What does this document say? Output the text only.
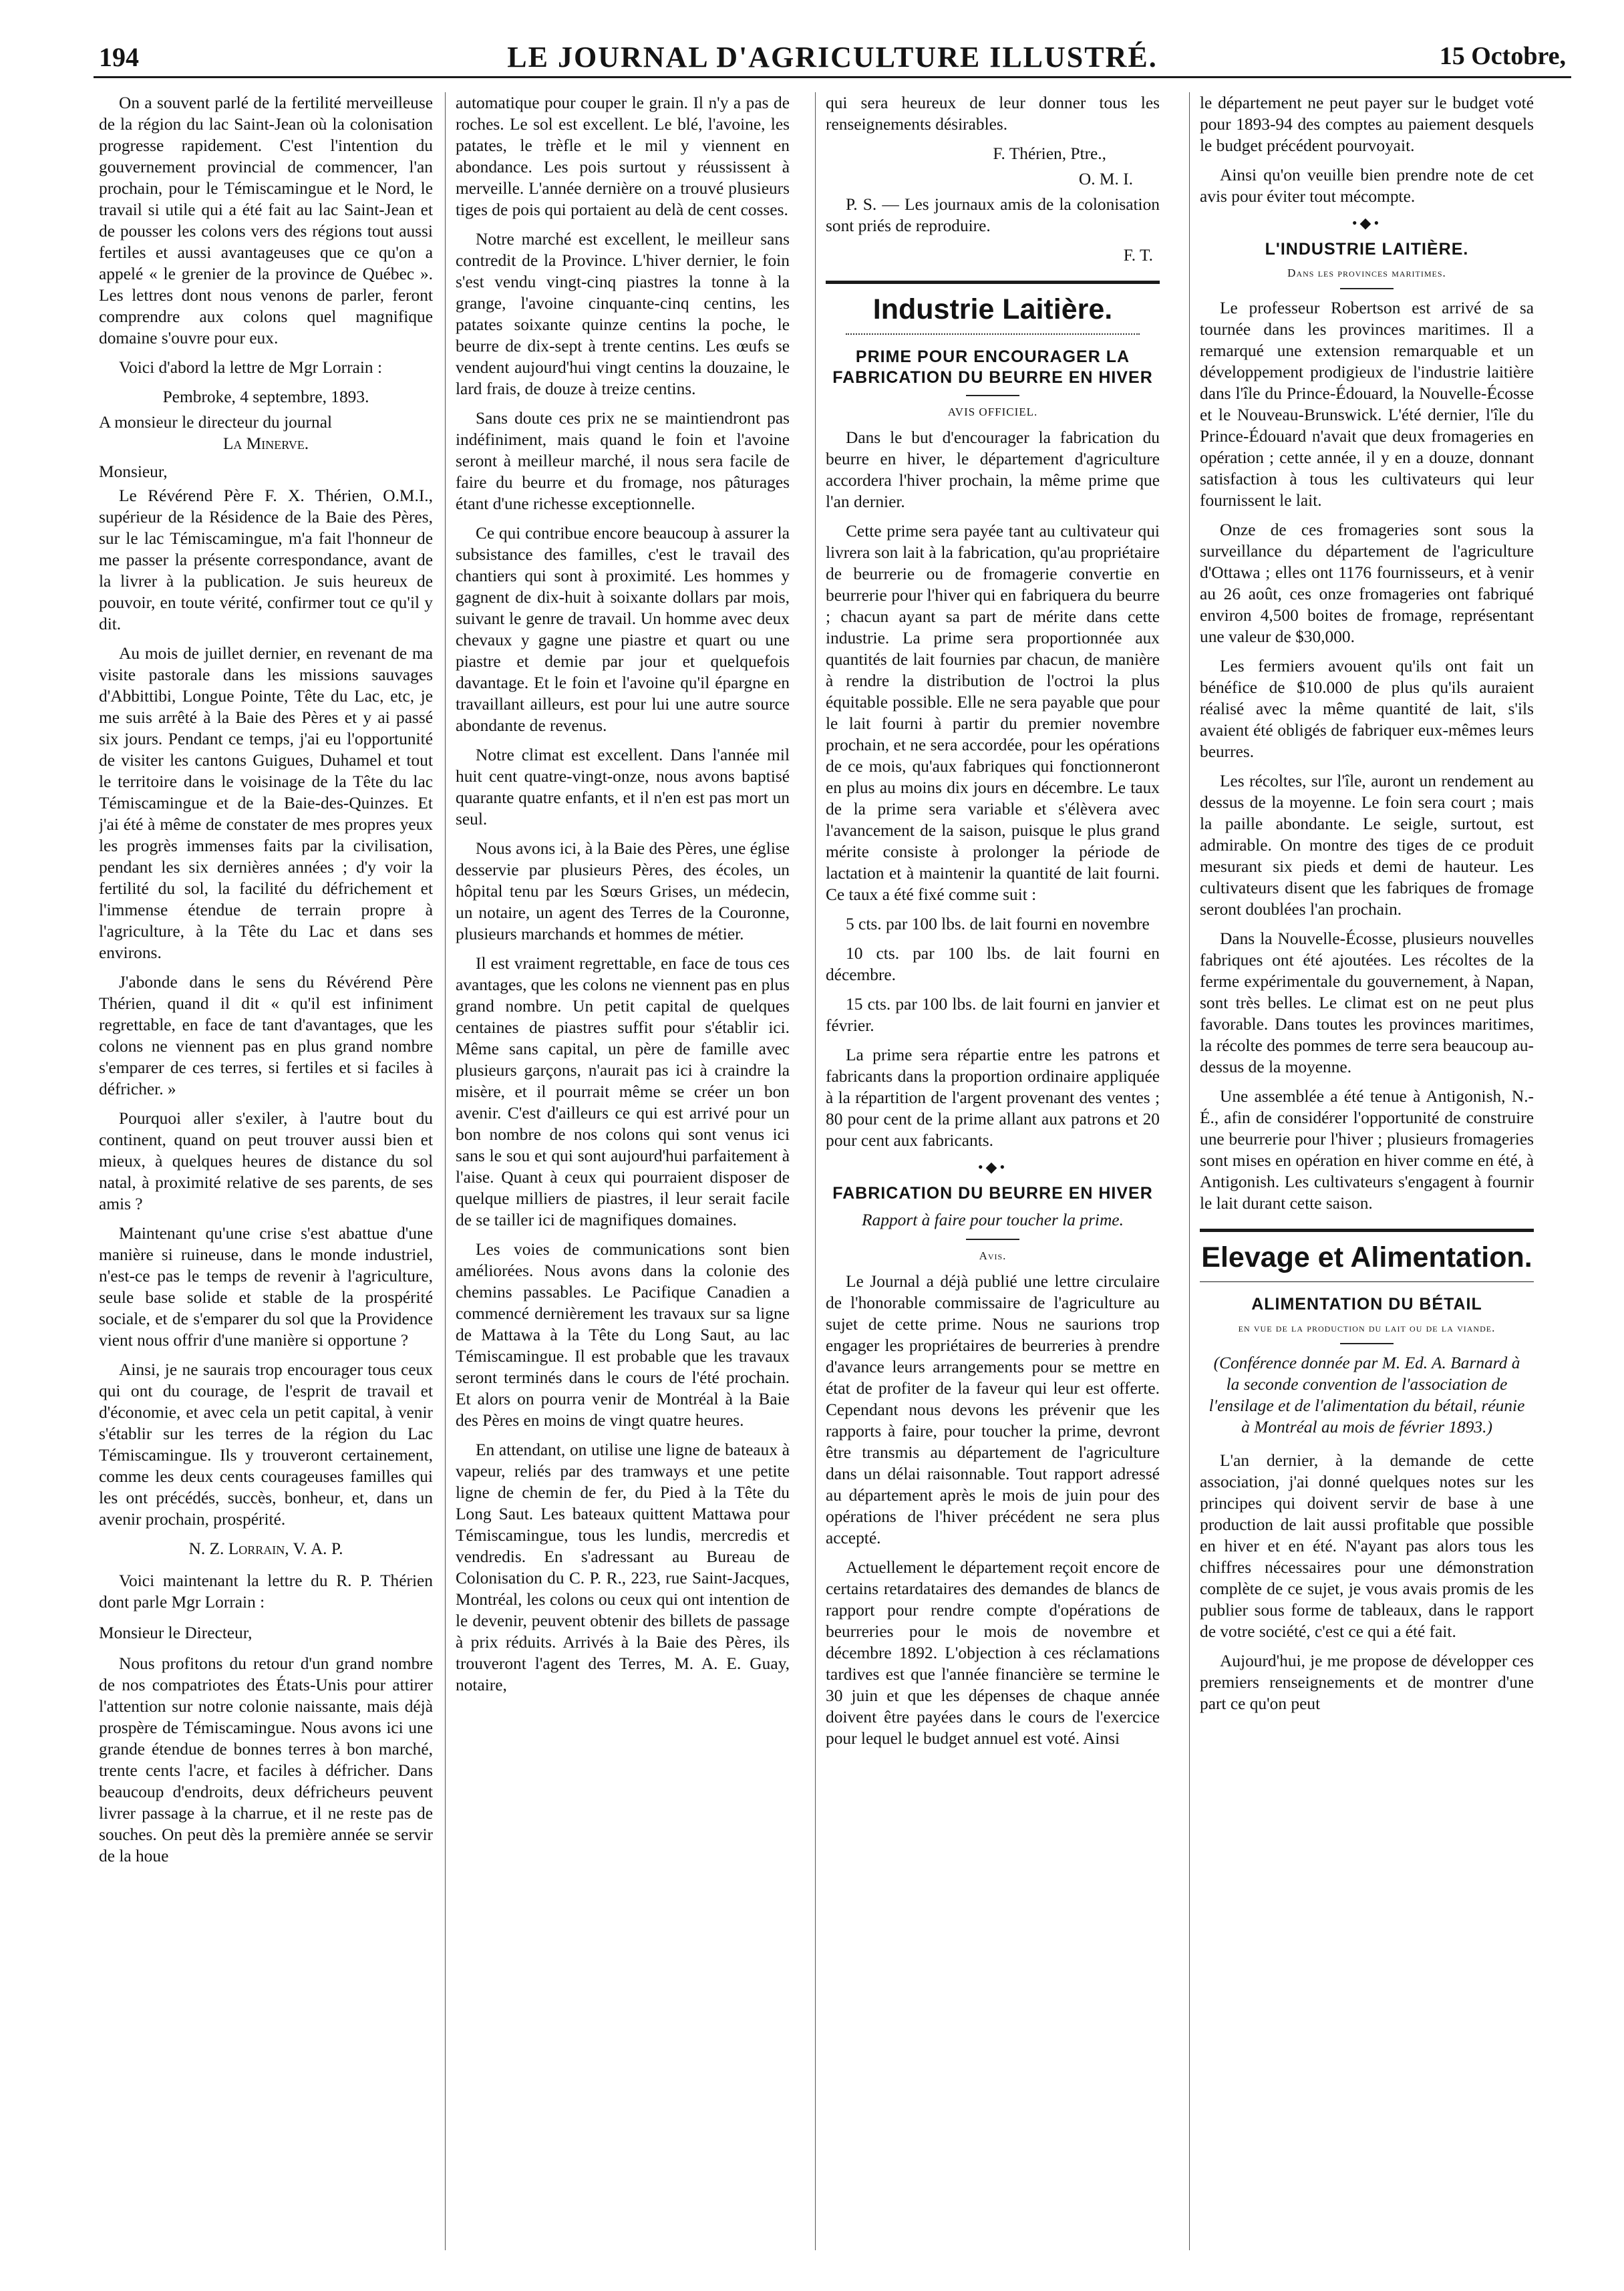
194	LE JOURNAL D'AGRICULTURE ILLUSTRÉ.	15 Octobre,

On a souvent parlé de la fertilité merveilleuse de la région du lac Saint-Jean où la colonisation progresse rapidement. C'est l'intention du gouvernement provincial de commencer, l'an prochain, pour le Témiscamingue et le Nord, le travail si utile qui a été fait au lac Saint-Jean et de pousser les colons vers des régions tout aussi fertiles et aussi avantageuses que ce qu'on a appelé « le grenier de la province de Québec ». Les lettres dont nous venons de parler, feront comprendre aux colons quel magnifique domaine s'ouvre pour eux.

Voici d'abord la lettre de Mgr Lorrain :

Pembroke, 4 septembre, 1893.

A monsieur le directeur du journal

La Minerve.

Monsieur,

Le Révérend Père F. X. Thérien, O.M.I., supérieur de la Résidence de la Baie des Pères, sur le lac Témiscamingue, m'a fait l'honneur de me passer la présente correspondance, avant de la livrer à la publication. Je suis heureux de pouvoir, en toute vérité, confirmer tout ce qu'il y dit.

Au mois de juillet dernier, en revenant de ma visite pastorale dans les missions sauvages d'Abbittibi, Longue Pointe, Tête du Lac, etc, je me suis arrêté à la Baie des Pères et y ai passé six jours. Pendant ce temps, j'ai eu l'opportunité de visiter les cantons Guigues, Duhamel et tout le territoire dans le voisinage de la Tête du lac Témiscamingue et de la Baie-des-Quinzes. Et j'ai été à même de constater de mes propres yeux les progrès immenses faits par la civilisation, pendant les six dernières années ; d'y voir la fertilité du sol, la facilité du défrichement et l'immense étendue de terrain propre à l'agriculture, à la Tête du Lac et dans ses environs.

J'abonde dans le sens du Révérend Père Thérien, quand il dit « qu'il est infiniment regrettable, en face de tant d'avantages, que les colons ne viennent pas en plus grand nombre s'emparer de ces terres, si fertiles et si faciles à défricher. »

Pourquoi aller s'exiler, à l'autre bout du continent, quand on peut trouver aussi bien et mieux, à quelques heures de distance du sol natal, à proximité relative de ses parents, de ses amis ?

Maintenant qu'une crise s'est abattue d'une manière si ruineuse, dans le monde industriel, n'est-ce pas le temps de revenir à l'agriculture, seule base solide et stable de la prospérité sociale, et de s'emparer du sol que la Providence vient nous offrir d'une manière si opportune ?

Ainsi, je ne saurais trop encourager tous ceux qui ont du courage, de l'esprit de travail et d'économie, et avec cela un petit capital, à venir s'établir sur les terres de la région du Lac Témiscamingue. Ils y trouveront certainement, comme les deux cents courageuses familles qui les ont précédés, succès, bonheur, et, dans un avenir prochain, prospérité.

N. Z. Lorrain, V. A. P.

Voici maintenant la lettre du R. P. Thérien dont parle Mgr Lorrain :

Monsieur le Directeur,

Nous profitons du retour d'un grand nombre de nos compatriotes des États-Unis pour attirer l'attention sur notre colonie naissante, mais déjà prospère de Témiscamingue. Nous avons ici une grande étendue de bonnes terres à bon marché, trente cents l'acre, et faciles à défricher. Dans beaucoup d'endroits, deux défricheurs peuvent livrer passage à la charrue, et il ne reste pas de souches. On peut dès la première année se servir de la houe

automatique pour couper le grain. Il n'y a pas de roches. Le sol est excellent. Le blé, l'avoine, les patates, le trèfle et le mil y viennent en abondance. Les pois surtout y réussissent à merveille. L'année dernière on a trouvé plusieurs tiges de pois qui portaient au delà de cent cosses.

Notre marché est excellent, le meilleur sans contredit de la Province. L'hiver dernier, le foin s'est vendu vingt-cinq piastres la tonne à la grange, l'avoine cinquante-cinq centins, les patates soixante quinze centins la poche, le beurre de dix-sept à trente centins. Les œufs se vendent aujourd'hui vingt centins la douzaine, le lard frais, de douze à treize centins.

Sans doute ces prix ne se maintiendront pas indéfiniment, mais quand le foin et l'avoine seront à meilleur marché, il nous sera facile de faire du beurre et du fromage, nos pâturages étant d'une richesse exceptionnelle.

Ce qui contribue encore beaucoup à assurer la subsistance des familles, c'est le travail des chantiers qui sont à proximité. Les hommes y gagnent de dix-huit à soixante dollars par mois, suivant le genre de travail. Un homme avec deux chevaux y gagne une piastre et quart ou une piastre et demie par jour et quelquefois davantage. Et le foin et l'avoine qu'il épargne en travaillant ailleurs, est pour lui une autre source abondante de revenus.

Notre climat est excellent. Dans l'année mil huit cent quatre-vingt-onze, nous avons baptisé quarante quatre enfants, et il n'en est pas mort un seul.

Nous avons ici, à la Baie des Pères, une église desservie par plusieurs Pères, des écoles, un hôpital tenu par les Sœurs Grises, un médecin, un notaire, un agent des Terres de la Couronne, plusieurs marchands et hommes de métier.

Il est vraiment regrettable, en face de tous ces avantages, que les colons ne viennent pas en plus grand nombre. Un petit capital de quelques centaines de piastres suffit pour s'établir ici. Même sans capital, un père de famille avec plusieurs garçons, n'aurait pas ici à craindre la misère, et il pourrait même se créer un bon avenir. C'est d'ailleurs ce qui est arrivé pour un bon nombre de nos colons qui sont venus ici sans le sou et qui sont aujourd'hui parfaitement à l'aise. Quant à ceux qui pourraient disposer de quelque milliers de piastres, il leur serait facile de se tailler ici de magnifiques domaines.

Les voies de communications sont bien améliorées. Nous avons dans la colonie des chemins passables. Le Pacifique Canadien a commencé dernièrement les travaux sur sa ligne de Mattawa à la Tête du Long Saut, au lac Témiscamingue. Il est probable que les travaux seront terminés dans le cours de l'été prochain. Et alors on pourra venir de Montréal à la Baie des Pères en moins de vingt quatre heures.

En attendant, on utilise une ligne de bateaux à vapeur, reliés par des tramways et une petite ligne de chemin de fer, du Pied à la Tête du Long Saut. Les bateaux quittent Mattawa pour Témiscamingue, tous les lundis, mercredis et vendredis. En s'adressant au Bureau de Colonisation du C. P. R., 223, rue Saint-Jacques, Montréal, les colons ou ceux qui ont intention de le devenir, peuvent obtenir des billets de passage à prix réduits. Arrivés à la Baie des Pères, ils trouveront l'agent des Terres, M. A. E. Guay, notaire,

qui sera heureux de leur donner tous les renseignements désirables.

F. Thérien, Ptre.,
O. M. I.

P. S. — Les journaux amis de la colonisation sont priés de reproduire.

F. T.
Industrie Laitière.
PRIME POUR ENCOURAGER LA FABRICATION DU BEURRE EN HIVER
AVIS OFFICIEL.

Dans le but d'encourager la fabrication du beurre en hiver, le département d'agriculture accordera l'hiver prochain, la même prime que l'an dernier.

Cette prime sera payée tant au cultivateur qui livrera son lait à la fabrication, qu'au propriétaire de beurrerie ou de fromagerie convertie en beurrerie pour l'hiver qui en fabriquera du beurre ; chacun ayant sa part de mérite dans cette industrie. La prime sera proportionnée aux quantités de lait fournies par chacun, de manière à rendre la distribution de l'octroi la plus équitable possible. Elle ne sera payable que pour le lait fourni à partir du premier novembre prochain, et ne sera accordée, pour les opérations de ce mois, qu'aux fabriques qui fonctionneront en plus au moins dix jours en décembre. Le taux de la prime sera variable et s'élèvera avec l'avancement de la saison, puisque le plus grand mérite consiste à prolonger la période de lactation et à maintenir la quantité de lait fourni. Ce taux a été fixé comme suit :

5 cts. par 100 lbs. de lait fourni en novembre

10 cts. par 100 lbs. de lait fourni en décembre.

15 cts. par 100 lbs. de lait fourni en janvier et février.

La prime sera répartie entre les patrons et fabricants dans la proportion ordinaire appliquée à la répartition de l'argent provenant des ventes ; 80 pour cent de la prime allant aux patrons et 20 pour cent aux fabricants.

•◆•
FABRICATION DU BEURRE EN HIVER
Rapport à faire pour toucher la prime.
Avis.

Le Journal a déjà publié une lettre circulaire de l'honorable commissaire de l'agriculture au sujet de cette prime. Nous ne saurions trop engager les propriétaires de beurreries à prendre d'avance leurs arrangements pour se mettre en état de profiter de la faveur qui leur est offerte. Cependant nous devons les prévenir que les rapports à faire, pour toucher la prime, devront être transmis au département de l'agriculture dans un délai raisonnable. Tout rapport adressé au département après le mois de juin pour des opérations de l'hiver précédent ne sera plus accepté.

Actuellement le département reçoit encore de certains retardataires des demandes de blancs de rapport pour rendre compte d'opérations de beurreries pour le mois de novembre et décembre 1892. L'objection à ces réclamations tardives est que l'année financière se termine le 30 juin et que les dépenses de chaque année doivent être payées dans le cours de l'exercice pour lequel le budget annuel est voté. Ainsi

le département ne peut payer sur le budget voté pour 1893-94 des comptes au paiement desquels le budget précédent pourvoyait.

Ainsi qu'on veuille bien prendre note de cet avis pour éviter tout mécompte.

•◆•
L'INDUSTRIE LAITIÈRE.
Dans les provinces maritimes.

Le professeur Robertson est arrivé de sa tournée dans les provinces maritimes. Il a remarqué une extension remarquable et un développement prodigieux de l'industrie laitière dans l'île du Prince-Édouard, la Nouvelle-Écosse et le Nouveau-Brunswick. L'été dernier, l'île du Prince-Édouard n'avait que deux fromageries en opération ; cette année, il y en a douze, donnant satisfaction à tous les cultivateurs qui leur fournissent le lait.

Onze de ces fromageries sont sous la surveillance du département de l'agriculture d'Ottawa ; elles ont 1176 fournisseurs, et à venir au 26 août, ces onze fromageries ont fabriqué environ 4,500 boites de fromage, représentant une valeur de $30,000.

Les fermiers avouent qu'ils ont fait un bénéfice de $10.000 de plus qu'ils auraient réalisé avec la même quantité de lait, s'ils avaient été obligés de fabriquer eux-mêmes leurs beurres.

Les récoltes, sur l'île, auront un rendement au dessus de la moyenne. Le foin sera court ; mais la paille abondante. Le seigle, surtout, est admirable. On montre des tiges de ce produit mesurant six pieds et demi de hauteur. Les cultivateurs disent que les fabriques de fromage seront doublées l'an prochain.

Dans la Nouvelle-Écosse, plusieurs nouvelles fabriques ont été ajoutées. Les récoltes de la ferme expérimentale du gouvernement, à Napan, sont très belles. Le climat est on ne peut plus favorable. Dans toutes les provinces maritimes, la récolte des pommes de terre sera beaucoup au-dessus de la moyenne.

Une assemblée a été tenue à Antigonish, N.-É., afin de considérer l'opportunité de construire une beurrerie pour l'hiver ; plusieurs fromageries sont mises en opération en hiver comme en été, à Antigonish. Les cultivateurs s'engagent à fournir le lait durant cette saison.

Elevage et Alimentation.
ALIMENTATION DU BÉTAIL
en vue de la production du lait ou de la viande.
(Conférence donnée par M. Ed. A. Barnard à la seconde convention de l'association de l'ensilage et de l'alimentation du bétail, réunie à Montréal au mois de février 1893.)

L'an dernier, à la demande de cette association, j'ai donné quelques notes sur les principes qui doivent servir de base à une production de lait aussi profitable que possible en hiver et en été. N'ayant pas alors tous les chiffres nécessaires pour une démonstration complète de ce sujet, je vous avais promis de les publier sous forme de tableaux, dans le rapport de votre société, c'est ce qui a été fait.

Aujourd'hui, je me propose de développer ces premiers renseignements et de montrer d'une part ce qu'on peut
